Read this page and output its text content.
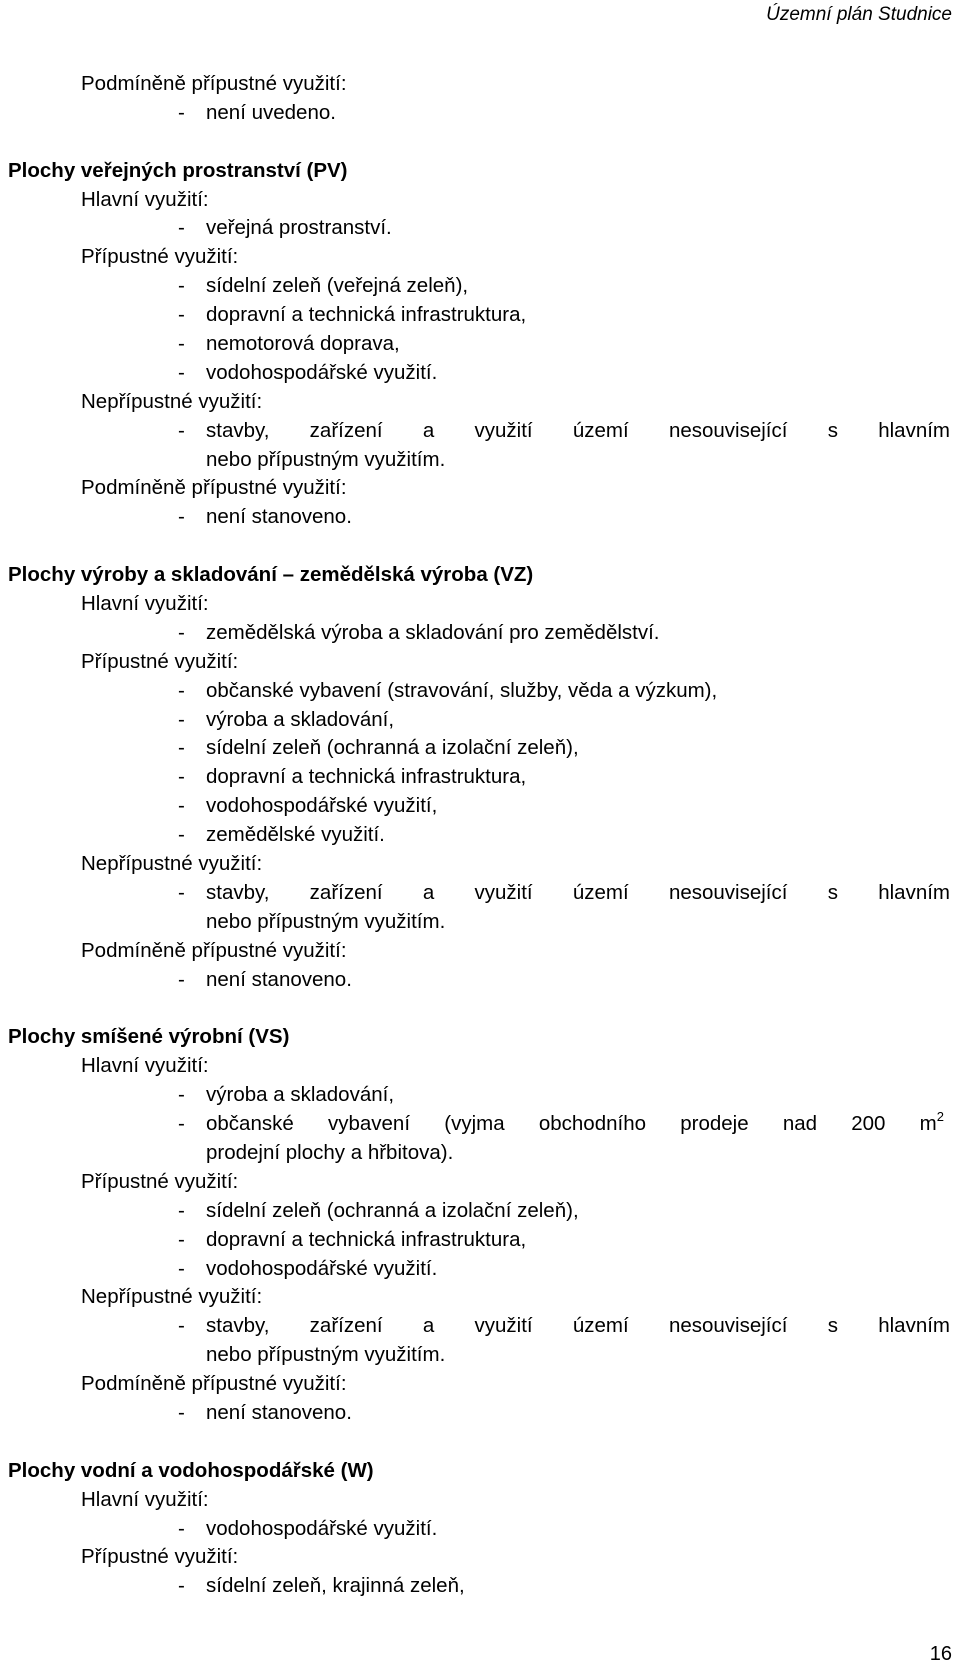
Územní plán Studnice
Podmíněně přípustné využití:
- není uvedeno.
Plochy veřejných prostranství (PV)
Hlavní využití:
- veřejná prostranství.
Přípustné využití:
- sídelní zeleň (veřejná zeleň),
- dopravní a technická infrastruktura,
- nemotorová doprava,
- vodohospodářské využití.
Nepřípustné využití:
- stavby, zařízení a využití území nesouvisející s hlavním
nebo přípustným využitím.
Podmíněně přípustné využití:
- není stanoveno.
Plochy výroby a skladování – zemědělská výroba (VZ)
Hlavní využití:
- zemědělská výroba a skladování pro zemědělství.
Přípustné využití:
- občanské vybavení (stravování, služby, věda a výzkum),
- výroba a skladování,
- sídelní zeleň (ochranná a izolační zeleň),
- dopravní a technická infrastruktura,
- vodohospodářské využití,
- zemědělské využití.
Nepřípustné využití:
- stavby, zařízení a využití území nesouvisející s hlavním
nebo přípustným využitím.
Podmíněně přípustné využití:
- není stanoveno.
Plochy smíšené výrobní (VS)
Hlavní využití:
- výroba a skladování,
- občanské vybavení (vyjma obchodního prodeje nad 200 $m^2$
prodejní plochy a hřbitova).
Přípustné využití:
- sídelní zeleň (ochranná a izolační zeleň),
- dopravní a technická infrastruktura,
- vodohospodářské využití.
Nepřípustné využití:
- stavby, zařízení a využití území nesouvisející s hlavním
nebo přípustným využitím.
Podmíněně přípustné využití:
- není stanoveno.
Plochy vodní a vodohospodářské (W)
Hlavní využití:
- vodohospodářské využití.
Přípustné využití:
- sídelní zeleň, krajinná zeleň,
16
